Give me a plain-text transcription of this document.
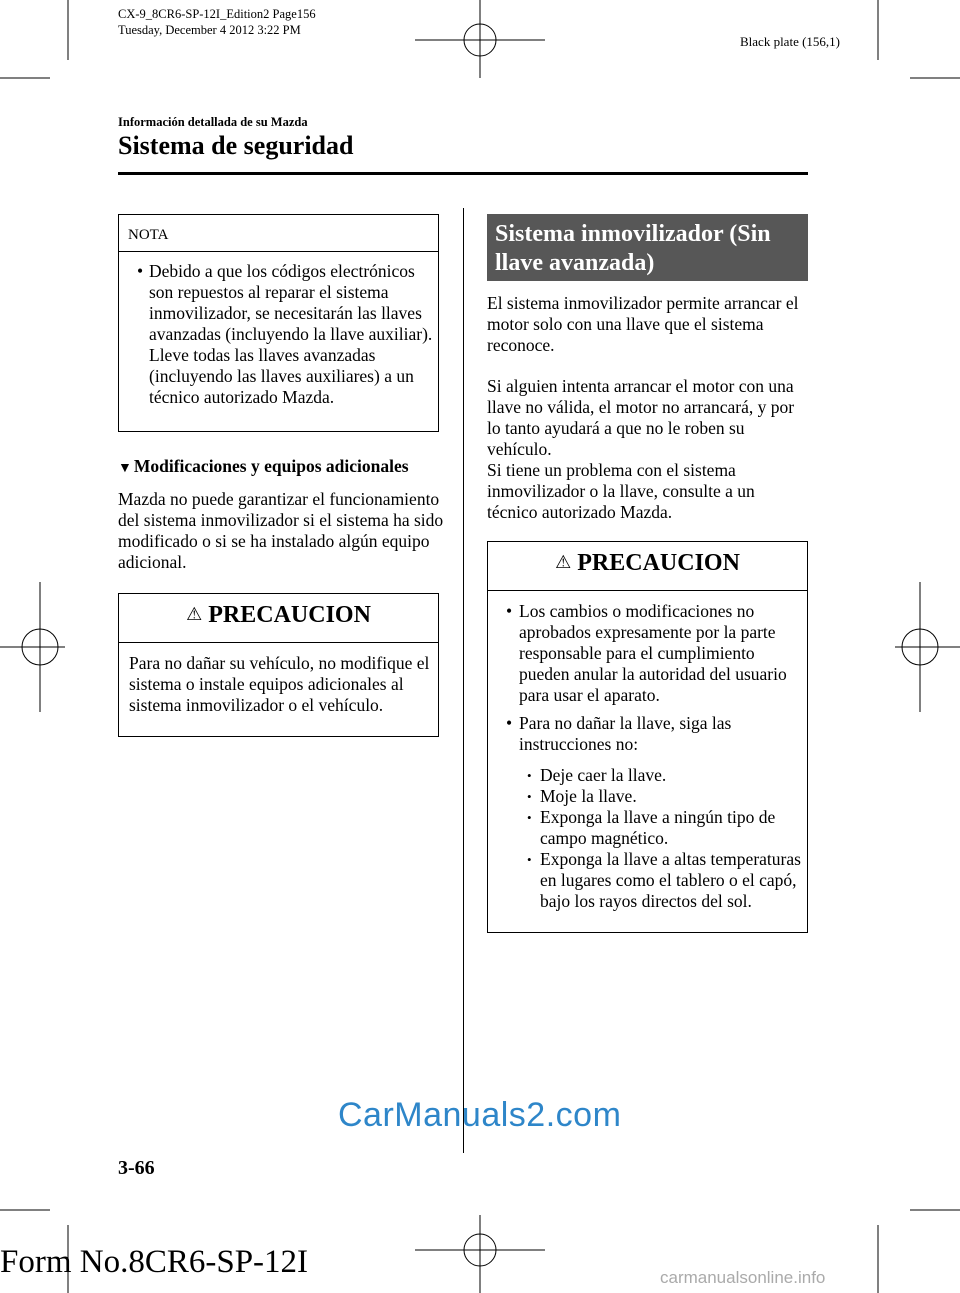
CX-9_8CR6-SP-12I_Edition2 Page156
Tuesday, December 4 2012 3:22 PM
Black plate (156,1)
Información detallada de su Mazda
Sistema de seguridad
NOTA
• Debido a que los códigos electrónicos son repuestos al reparar el sistema inmovilizador, se necesitarán las llaves avanzadas (incluyendo la llave auxiliar). Lleve todas las llaves avanzadas (incluyendo las llaves auxiliares) a un técnico autorizado Mazda.
▼ Modificaciones y equipos adicionales
Mazda no puede garantizar el funcionamiento del sistema inmovilizador si el sistema ha sido modificado o si se ha instalado algún equipo adicional.
⚠ PRECAUCION
Para no dañar su vehículo, no modifique el sistema o instale equipos adicionales al sistema inmovilizador o el vehículo.
Sistema inmovilizador (Sin llave avanzada)
El sistema inmovilizador permite arrancar el motor solo con una llave que el sistema reconoce.
Si alguien intenta arrancar el motor con una llave no válida, el motor no arrancará, y por lo tanto ayudará a que no le roben su vehículo.
Si tiene un problema con el sistema inmovilizador o la llave, consulte a un técnico autorizado Mazda.
⚠ PRECAUCION
• Los cambios o modificaciones no aprobados expresamente por la parte responsable para el cumplimiento pueden anular la autoridad del usuario para usar el aparato.
• Para no dañar la llave, siga las instrucciones no:
• Deje caer la llave.
• Moje la llave.
• Exponga la llave a ningún tipo de campo magnético.
• Exponga la llave a altas temperaturas en lugares como el tablero o el capó, bajo los rayos directos del sol.
CarManuals2.com
3-66
Form No.8CR6-SP-12I	carmanualsonline.info
